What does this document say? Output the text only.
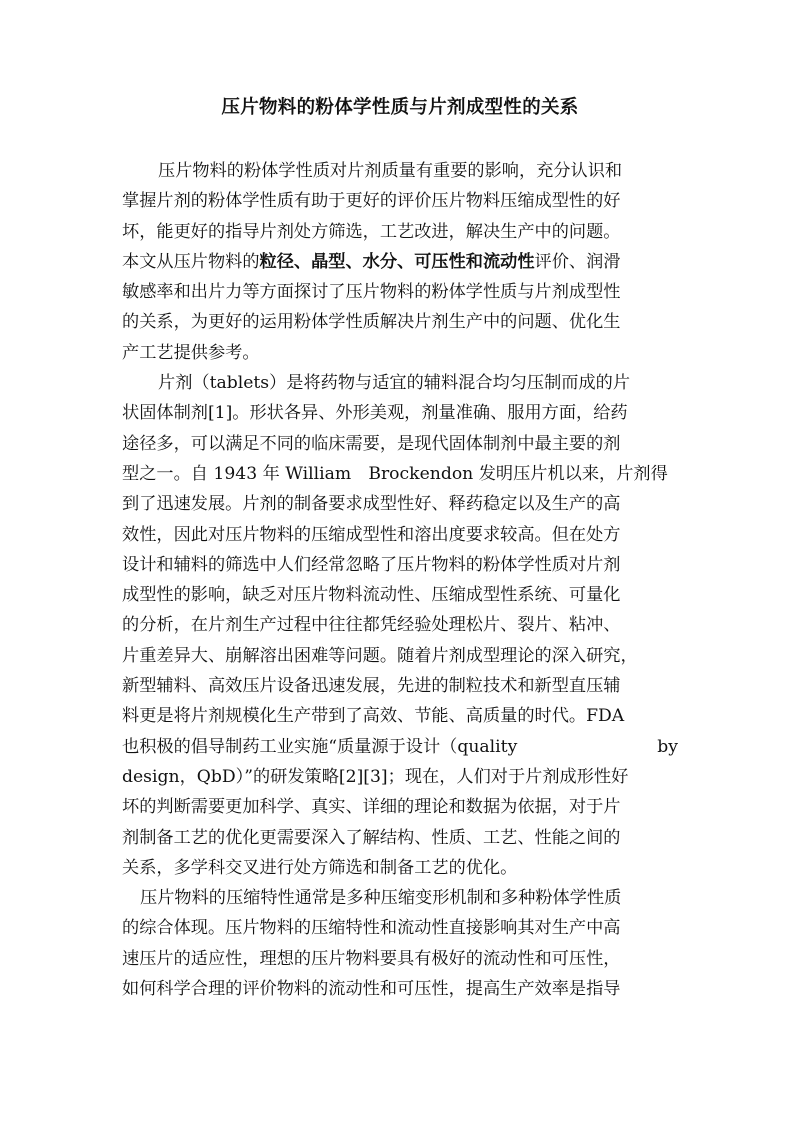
压片物料的粉体学性质与片剂成型性的关系
压片物料的粉体学性质对片剂质量有重要的影响，充分认识和
掌握片剂的粉体学性质有助于更好的评价压片物料压缩成型性的好
坏，能更好的指导片剂处方筛选，工艺改进，解决生产中的问题。
本文从压片物料的粒径、晶型、水分、可压性和流动性评价、润滑
敏感率和出片力等方面探讨了压片物料的粉体学性质与片剂成型性
的关系，为更好的运用粉体学性质解决片剂生产中的问题、优化生
产工艺提供参考。
片剂（tablets）是将药物与适宜的辅料混合均匀压制而成的片
状固体制剂[1]。形状各异、外形美观，剂量准确、服用方面，给药
途径多，可以满足不同的临床需要，是现代固体制剂中最主要的剂
型之一。自 1943 年 William　Brockendon 发明压片机以来，片剂得
到了迅速发展。片剂的制备要求成型性好、释药稳定以及生产的高
效性，因此对压片物料的压缩成型性和溶出度要求较高。但在处方
设计和辅料的筛选中人们经常忽略了压片物料的粉体学性质对片剂
成型性的影响，缺乏对压片物料流动性、压缩成型性系统、可量化
的分析，在片剂生产过程中往往都凭经验处理松片、裂片、粘冲、
片重差异大、崩解溶出困难等问题。随着片剂成型理论的深入研究，
新型辅料、高效压片设备迅速发展，先进的制粒技术和新型直压辅
料更是将片剂规模化生产带到了高效、节能、高质量的时代。FDA
也积极的倡导制药工业实施“质量源于设计（quality	by
design，QbD）”的研发策略[2][3]；现在，人们对于片剂成形性好
坏的判断需要更加科学、真实、详细的理论和数据为依据，对于片
剂制备工艺的优化更需要深入了解结构、性质、工艺、性能之间的
关系，多学科交叉进行处方筛选和制备工艺的优化。
压片物料的压缩特性通常是多种压缩变形机制和多种粉体学性质
的综合体现。压片物料的压缩特性和流动性直接影响其对生产中高
速压片的适应性，理想的压片物料要具有极好的流动性和可压性，
如何科学合理的评价物料的流动性和可压性，提高生产效率是指导
